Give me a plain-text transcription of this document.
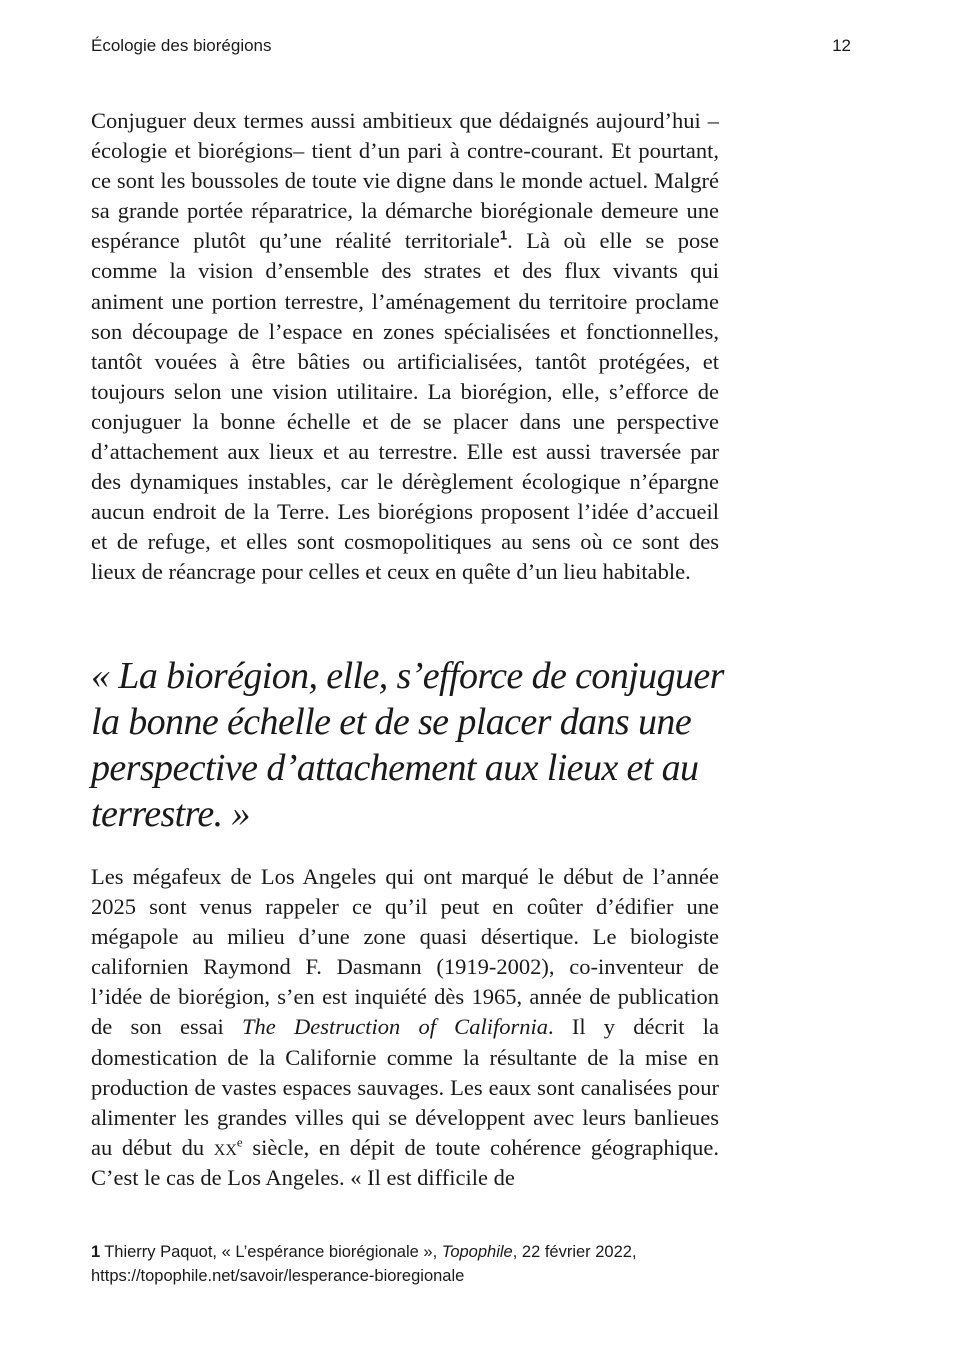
Écologie des biorégions	12

Conjuguer deux termes aussi ambitieux que dédaignés aujourd’hui –écologie et biorégions– tient d’un pari à contre-courant. Et pourtant, ce sont les boussoles de toute vie digne dans le monde actuel. Malgré sa grande portée réparatrice, la démarche biorégionale demeure une espérance plutôt qu’une réalité territoriale$^1$. Là où elle se pose comme la vision d’ensemble des strates et des flux vivants qui animent une portion terrestre, l’aménagement du territoire proclame son découpage de l’espace en zones spécialisées et fonctionnelles, tantôt vouées à être bâties ou artificialisées, tantôt protégées, et toujours selon une vision utilitaire. La biorégion, elle, s’efforce de conjuguer la bonne échelle et de se placer dans une perspective d’attachement aux lieux et au terrestre. Elle est aussi traversée par des dynamiques instables, car le dérèglement écologique n’épargne aucun endroit de la Terre. Les biorégions proposent l’idée d’accueil et de refuge, et elles sont cosmopolitiques au sens où ce sont des lieux de réancrage pour celles et ceux en quête d’un lieu habitable.

« La biorégion, elle, s’efforce de conjuguer la bonne échelle et de se placer dans une perspective d’attachement aux lieux et au terrestre. »

Les mégafeux de Los Angeles qui ont marqué le début de l’année 2025 sont venus rappeler ce qu’il peut en coûter d’édifier une mégapole au milieu d’une zone quasi désertique. Le biologiste californien Raymond F. Dasmann (1919-2002), co-inventeur de l’idée de biorégion, s’en est inquiété dès 1965, année de publication de son essai The Destruction of California. Il y décrit la domestication de la Californie comme la résultante de la mise en production de vastes espaces sauvages. Les eaux sont canalisées pour alimenter les grandes villes qui se développent avec leurs banlieues au début du $xx^e$ siècle, en dépit de toute cohérence géographique. C’est le cas de Los Angeles. « Il est difficile de

1 Thierry Paquot, « L’espérance biorégionale », Topophile, 22 février 2022,
https://topophile.net/savoir/lesperance-bioregionale
